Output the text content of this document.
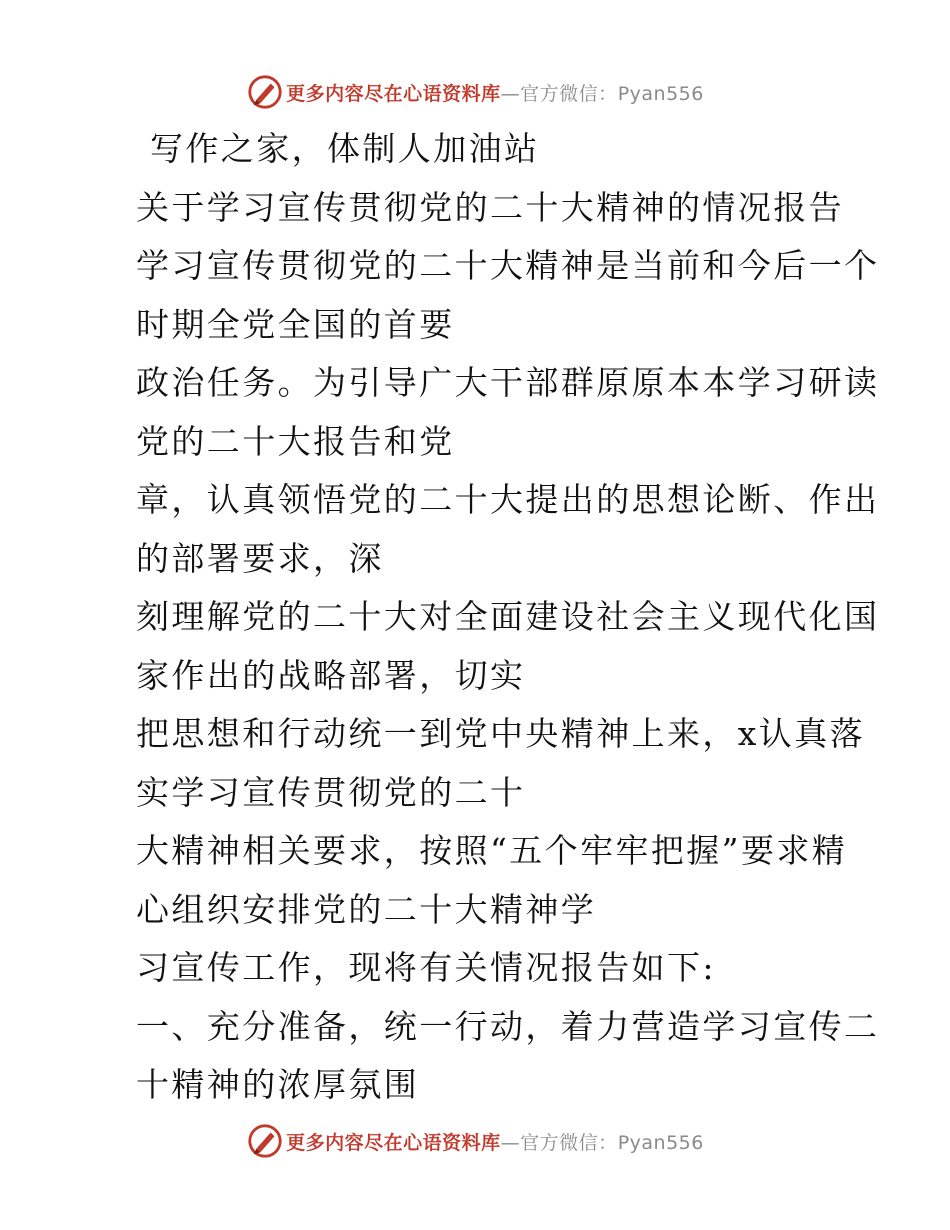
更多内容尽在心语资料库—官方微信：Pyan556

写作之家，体制人加油站

关于学习宣传贯彻党的二十大精神的情况报告

学习宣传贯彻党的二十大精神是当前和今后一个
时期全党全国的首要

政治任务。为引导广大干部群原原本本学习研读
党的二十大报告和党

章，认真领悟党的二十大提出的思想论断、作出
的部署要求，深

刻理解党的二十大对全面建设社会主义现代化国
家作出的战略部署，切实

把思想和行动统一到党中央精神上来，x认真落
实学习宣传贯彻党的二十

大精神相关要求，按照“五个牢牢把握”要求精
心组织安排党的二十大精神学

习宣传工作，现将有关情况报告如下:

一、充分准备，统一行动，着力营造学习宣传二
十精神的浓厚氛围

更多内容尽在心语资料库—官方微信：Pyan556
